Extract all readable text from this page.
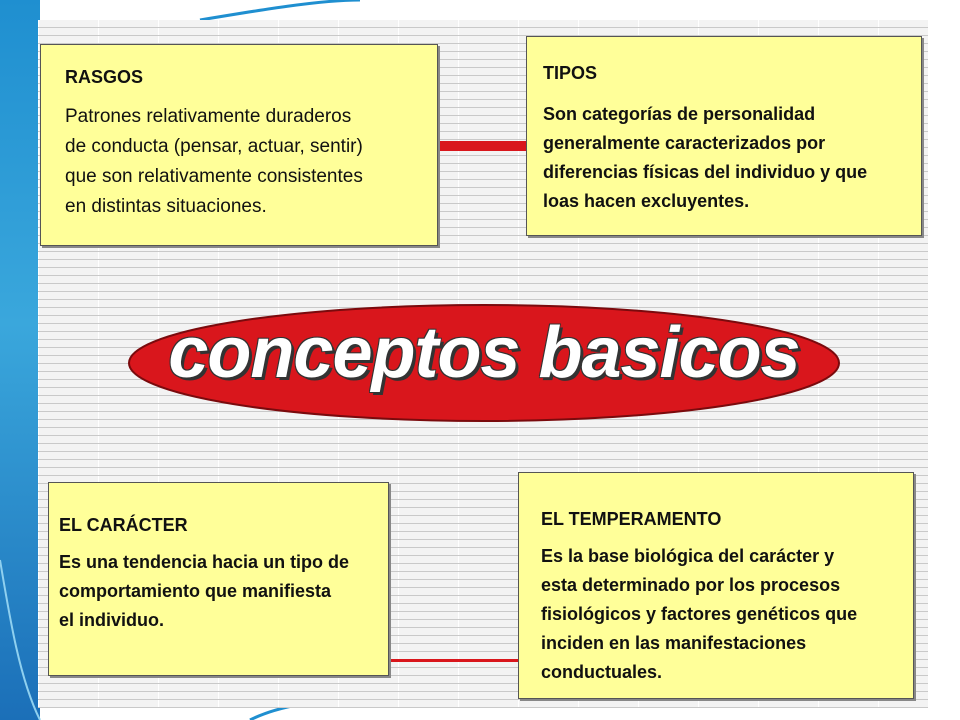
RASGOS

Patrones relativamente duraderos

de conducta (pensar, actuar, sentir)

que son relativamente consistentes

en distintas situaciones.

TIPOS

Son categorías de personalidad

generalmente caracterizados por

diferencias físicas del individuo y que

loas hacen excluyentes.

conceptos basicos

EL CARÁCTER

Es una tendencia hacia un tipo de

comportamiento que manifiesta

el individuo.

EL TEMPERAMENTO

Es la base biológica del carácter y

esta determinado por los procesos

fisiológicos y factores genéticos que

inciden en las manifestaciones

conductuales.
